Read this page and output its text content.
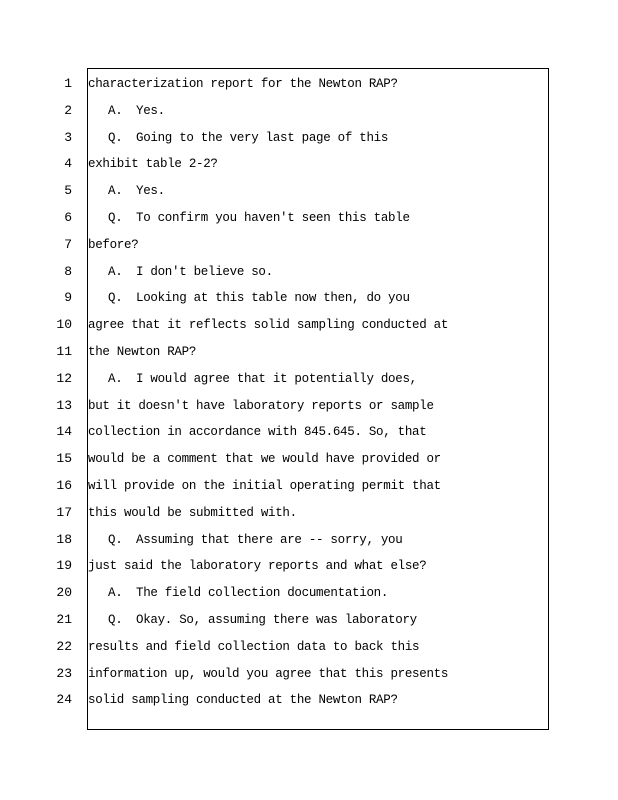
1
2
3
4
5
6
7
8
9
10
11
12
13
14
15
16
17
18
19
20
21
22
23
24
characterization report for the Newton RAP?
A. Yes.
Q. Going to the very last page of this
exhibit table 2-2?
A. Yes.
Q. To confirm you haven't seen this table
before?
A. I don't believe so.
Q. Looking at this table now then, do you
agree that it reflects solid sampling conducted at
the Newton RAP?
A. I would agree that it potentially does,
but it doesn't have laboratory reports or sample
collection in accordance with 845.645. So, that
would be a comment that we would have provided or
will provide on the initial operating permit that
this would be submitted with.
Q. Assuming that there are -- sorry, you
just said the laboratory reports and what else?
A. The field collection documentation.
Q. Okay. So, assuming there was laboratory
results and field collection data to back this
information up, would you agree that this presents
solid sampling conducted at the Newton RAP?
